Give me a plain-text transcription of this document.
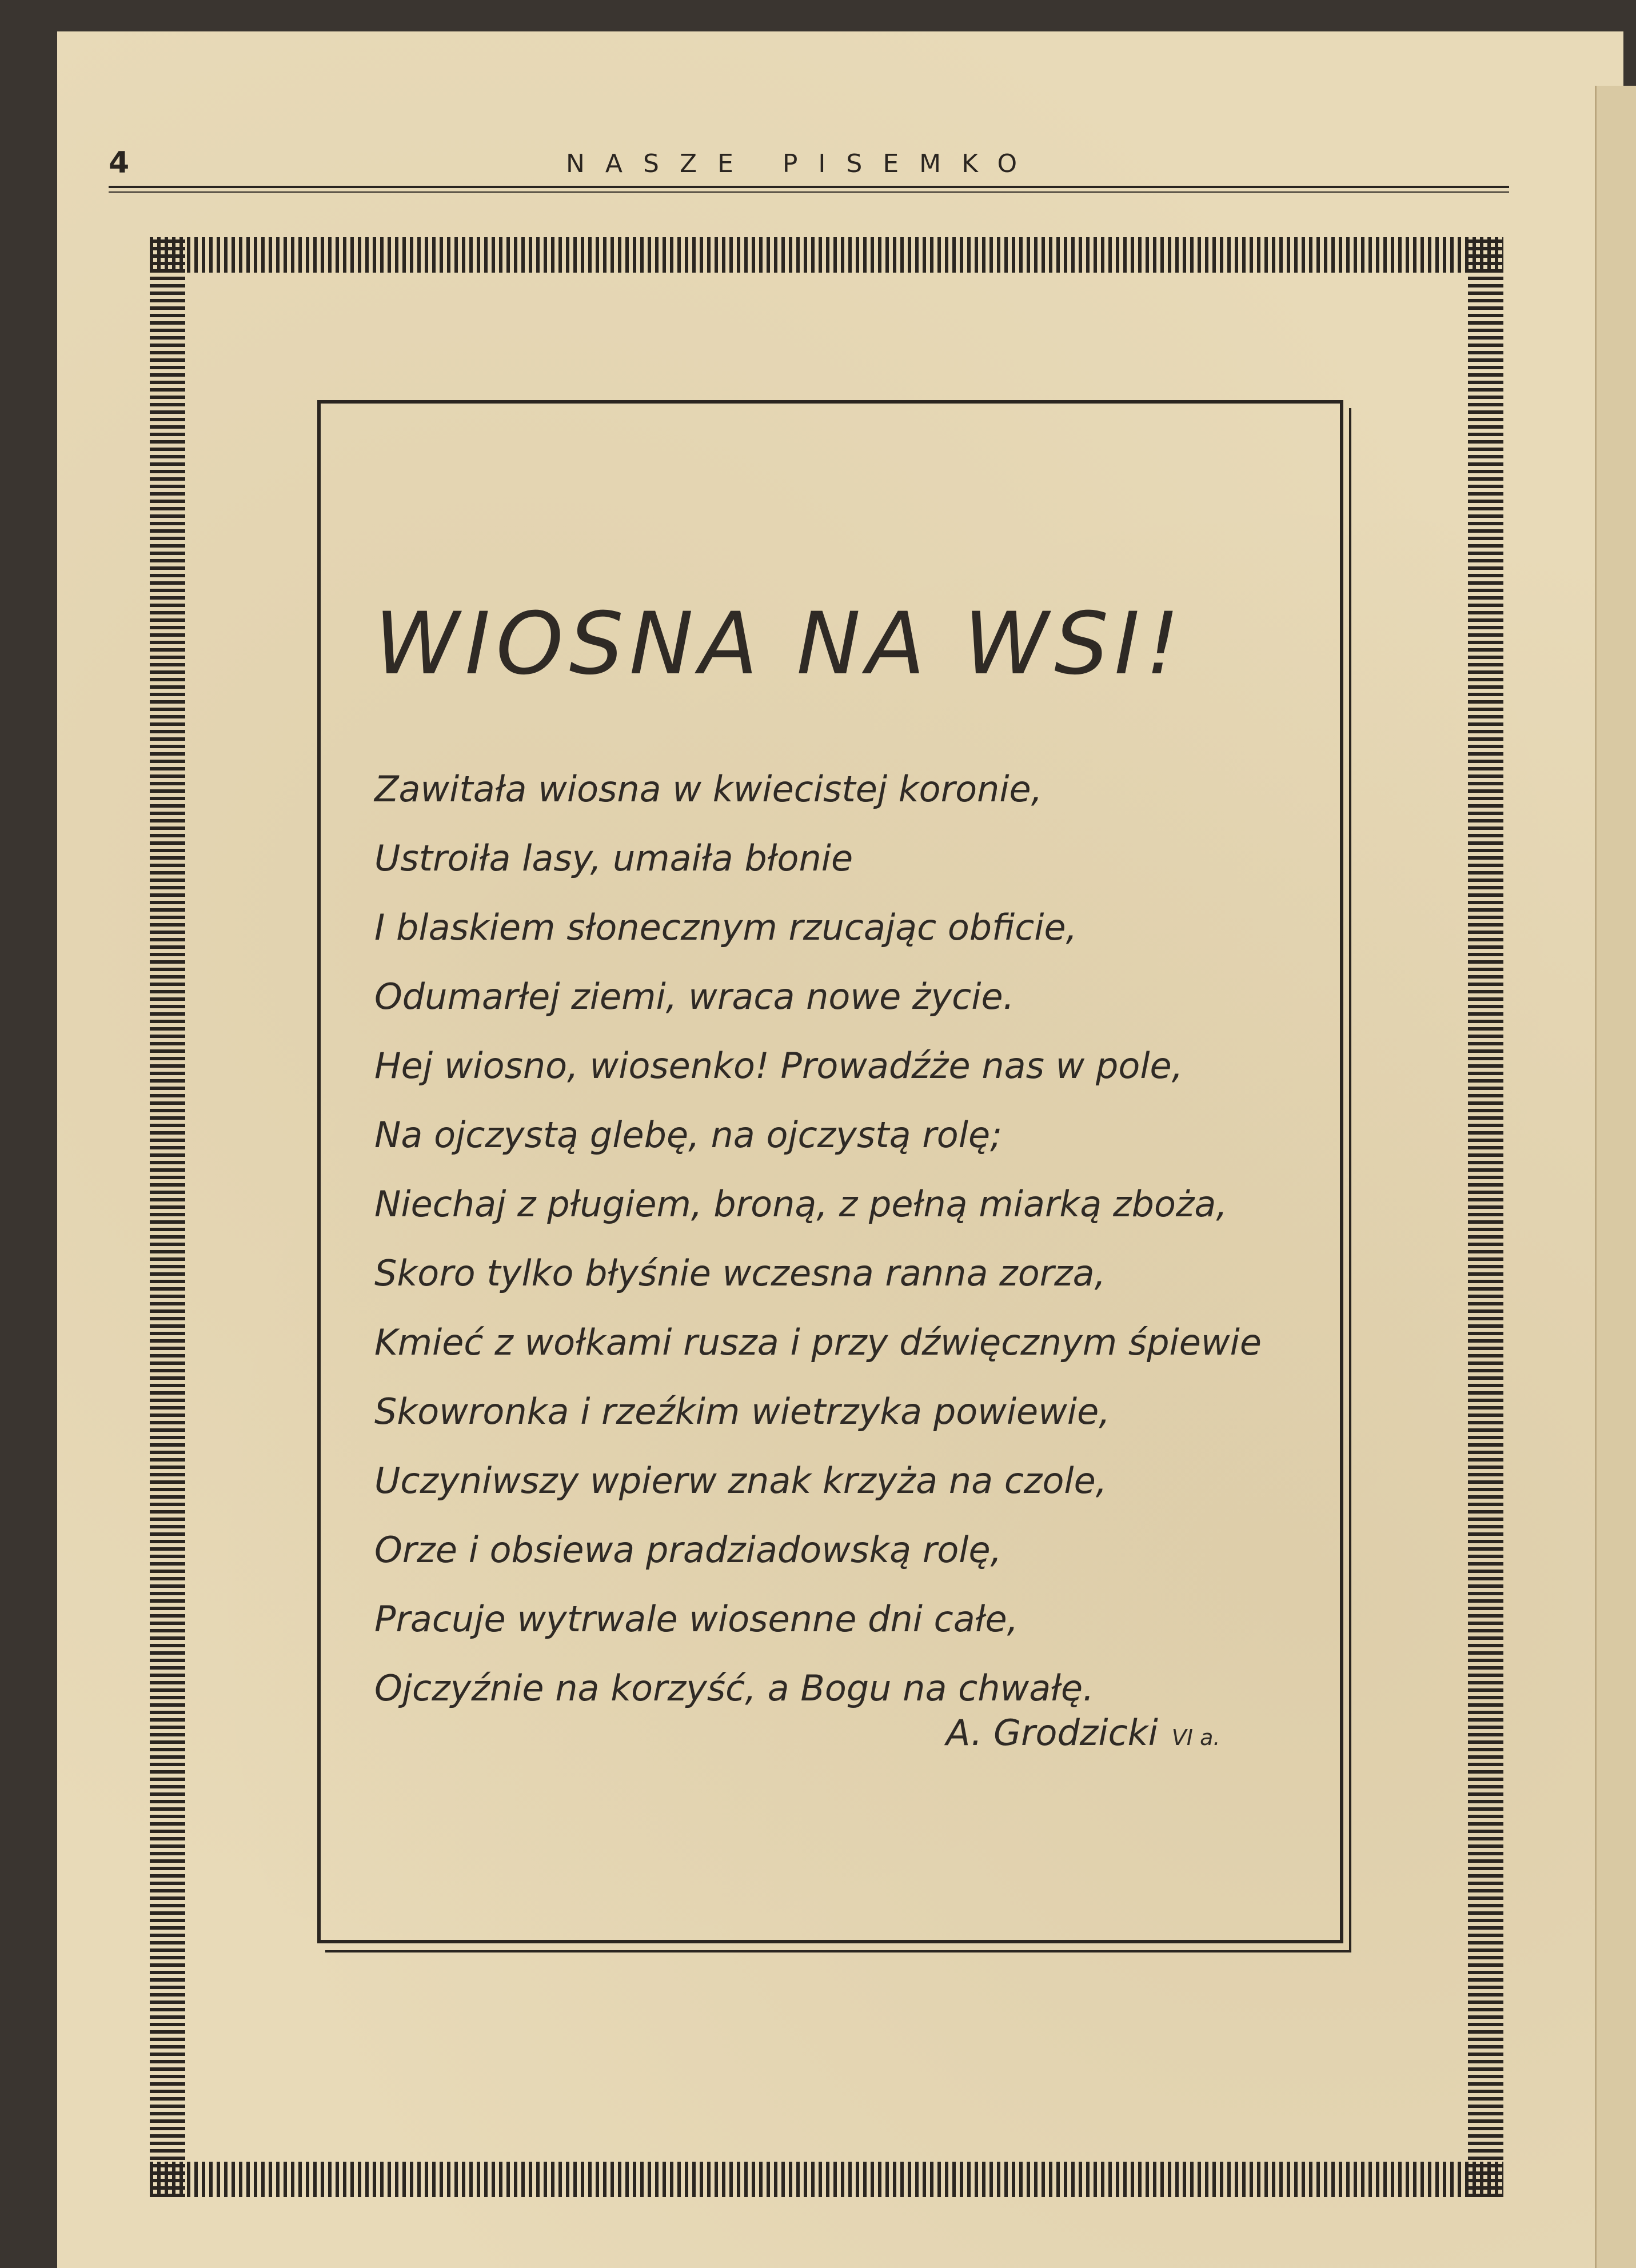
4	NASZE PISEMKO
WIOSNA NA WSI!
Zawitała wiosna w kwiecistej koronie,
Ustroiła lasy, umaiła błonie
I blaskiem słonecznym rzucając obficie,
Odumarłej ziemi, wraca nowe życie.
Hej wiosno, wiosenko! Prowadźże nas w pole,
Na ojczystą glebę, na ojczystą rolę;
Niechaj z pługiem, broną, z pełną miarką zboża,
Skoro tylko błyśnie wczesna ranna zorza,
Kmieć z wołkami rusza i przy dźwięcznym śpiewie
Skowronka i rzeźkim wietrzyka powiewie,
Uczyniwszy wpierw znak krzyża na czole,
Orze i obsiewa pradziadowską rolę,
Pracuje wytrwale wiosenne dni całe,
Ojczyźnie na korzyść, a Bogu na chwałę.
A. Grodzicki VI a.
